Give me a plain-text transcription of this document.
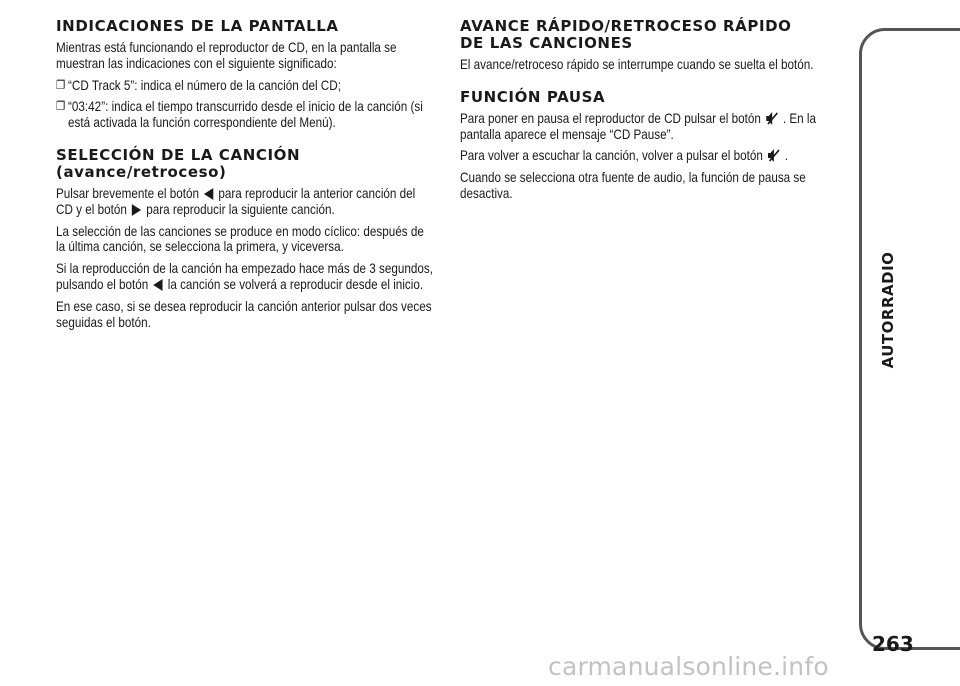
INDICACIONES DE LA PANTALLA

Mientras está funcionando el reproductor de CD, en la pantalla se muestran las indicaciones con el siguiente significado:

❐ “CD Track 5”: indica el número de la canción del CD;
❐ “03:42”: indica el tiempo transcurrido desde el inicio de la canción (si está activada la función correspondiente del Menú).
SELECCIÓN DE LA CANCIÓN
(avance/retroceso)

Pulsar brevemente el botón para reproducir la anterior canción del CD y el botón para reproducir la siguiente canción.

La selección de las canciones se produce en modo cíclico: después de la última canción, se selecciona la primera, y viceversa.

Si la reproducción de la canción ha empezado hace más de 3 segundos, pulsando el botón la canción se volverá a reproducir desde el inicio.

En ese caso, si se desea reproducir la canción anterior pulsar dos veces seguidas el botón.

AVANCE RÁPIDO/RETROCESO RÁPIDO
DE LAS CANCIONES

El avance/retroceso rápido se interrumpe cuando se suelta el botón.

FUNCIÓN PAUSA

Para poner en pausa el reproductor de CD pulsar el botón . En la pantalla aparece el mensaje “CD Pause”.

Para volver a escuchar la canción, volver a pulsar el botón .

Cuando se selecciona otra fuente de audio, la función de pausa se desactiva.

AUTORRADIO
263
carmanualsonline.info
